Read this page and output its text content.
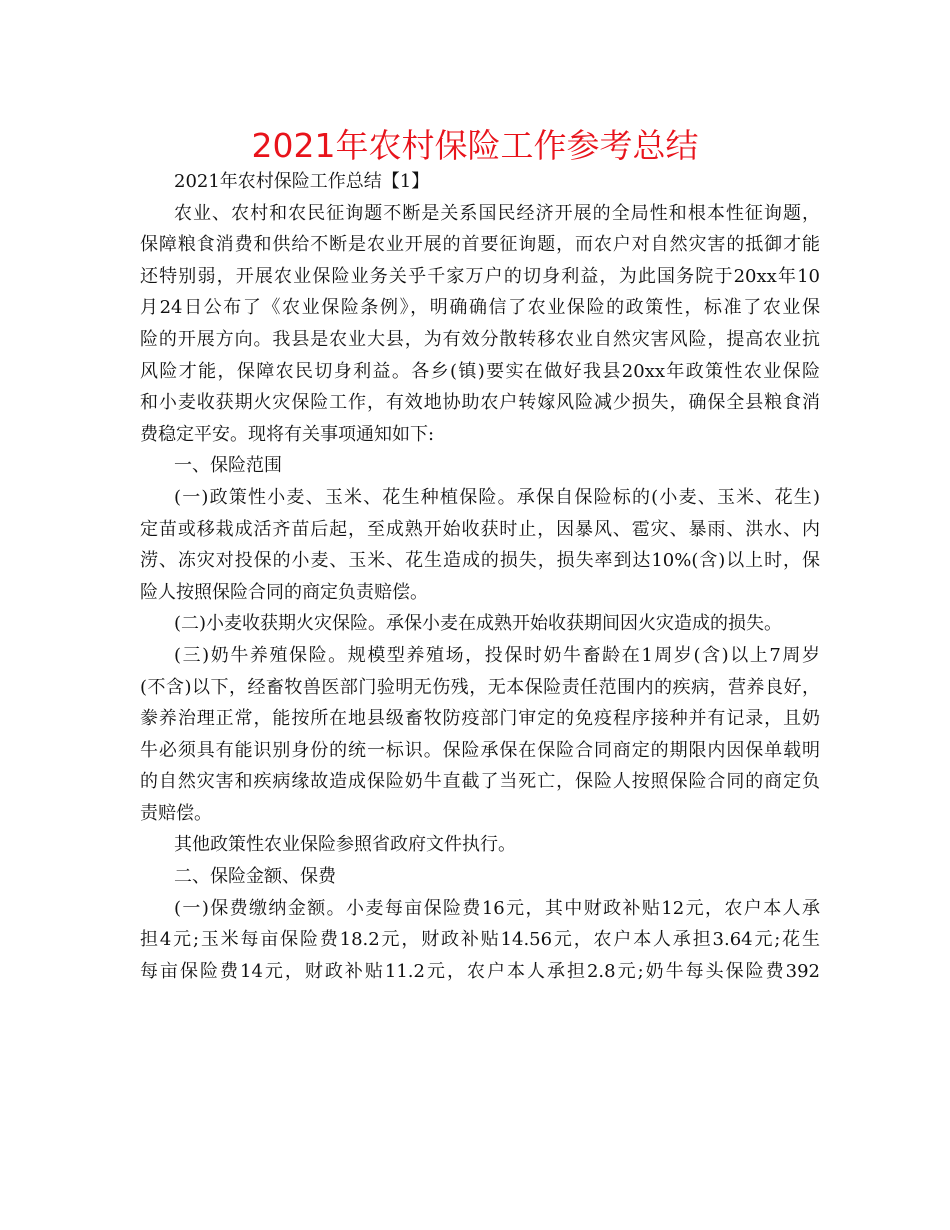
2021年农村保险工作参考总结
2021年农村保险工作总结【1】
农业、农村和农民征询题不断是关系国民经济开展的全局性和根本性征询题，
保障粮食消费和供给不断是农业开展的首要征询题，而农户对自然灾害的抵御才能
还特别弱，开展农业保险业务关乎千家万户的切身利益，为此国务院于20xx年10
月24日公布了《农业保险条例》，明确确信了农业保险的政策性，标准了农业保
险的开展方向。我县是农业大县，为有效分散转移农业自然灾害风险，提高农业抗
风险才能，保障农民切身利益。各乡(镇)要实在做好我县20xx年政策性农业保险
和小麦收获期火灾保险工作，有效地协助农户转嫁风险减少损失，确保全县粮食消
费稳定平安。现将有关事项通知如下:
一、保险范围
(一)政策性小麦、玉米、花生种植保险。承保自保险标的(小麦、玉米、花生)
定苗或移栽成活齐苗后起，至成熟开始收获时止，因暴风、雹灾、暴雨、洪水、内
涝、冻灾对投保的小麦、玉米、花生造成的损失，损失率到达10%(含)以上时，保
险人按照保险合同的商定负责赔偿。
(二)小麦收获期火灾保险。承保小麦在成熟开始收获期间因火灾造成的损失。
(三)奶牛养殖保险。规模型养殖场，投保时奶牛畜龄在1周岁(含)以上7周岁
(不含)以下，经畜牧兽医部门验明无伤残，无本保险责任范围内的疾病，营养良好，
豢养治理正常，能按所在地县级畜牧防疫部门审定的免疫程序接种并有记录，且奶
牛必须具有能识别身份的统一标识。保险承保在保险合同商定的期限内因保单载明
的自然灾害和疾病缘故造成保险奶牛直截了当死亡，保险人按照保险合同的商定负
责赔偿。
其他政策性农业保险参照省政府文件执行。
二、保险金额、保费
(一)保费缴纳金额。小麦每亩保险费16元，其中财政补贴12元，农户本人承
担4元;玉米每亩保险费18.2元，财政补贴14.56元，农户本人承担3.64元;花生
每亩保险费14元，财政补贴11.2元，农户本人承担2.8元;奶牛每头保险费392
